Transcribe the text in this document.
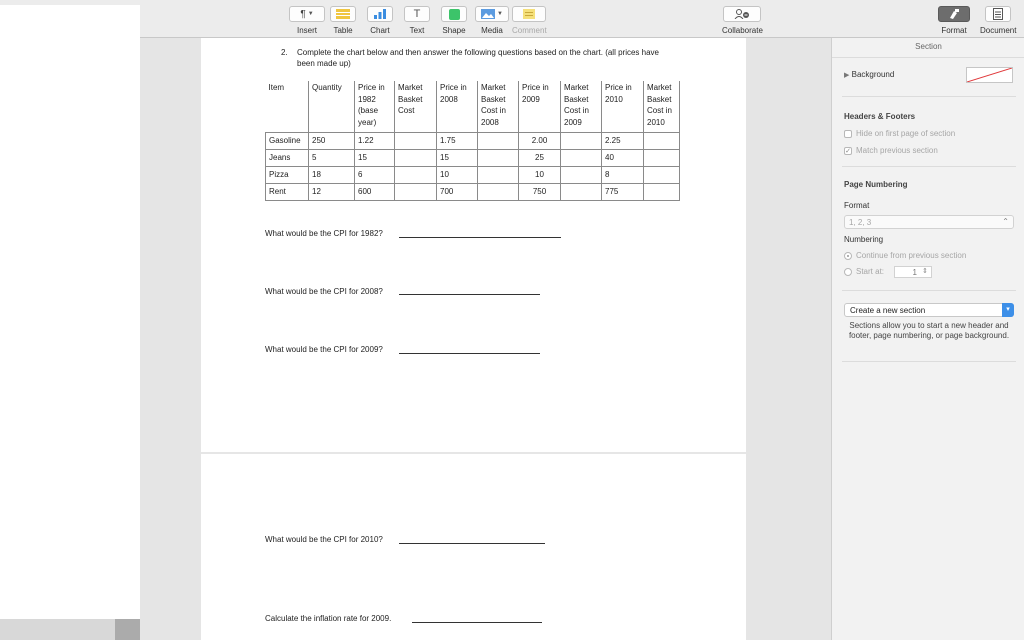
¶ ▼
Insert Table Chart
T
Text Shape
▼
Media Comment	Collaborate	Format Document
2. Complete the chart below and then answer the following questions based on the chart. (all prices have been made up)
Item	Quantity	Price in 1982 (base year)	Market Basket Cost	Price in 2008	Market Basket Cost in 2008	Price in 2009	Market Basket Cost in 2009	Price in 2010	Market Basket Cost in 2010
Gasoline	250	1.22		1.75		2.00		2.25	
Jeans	5	15		15		25		40	
Pizza	18	6		10		10		8	
Rent	12	600		700		750		775	
What would be the CPI for 1982?
What would be the CPI for 2008?
What would be the CPI for 2009?
What would be the CPI for 2010?
Calculate the inflation rate for 2009.
Section
▶ Background
Headers & Footers
Hide on first page of section
✓ Match previous section
Page Numbering
Format
1, 2, 3	⌃
Numbering
Continue from previous section
Start at:	1 ⇕
Create a new section	▾
Sections allow you to start a new header and footer, page numbering, or page background.
